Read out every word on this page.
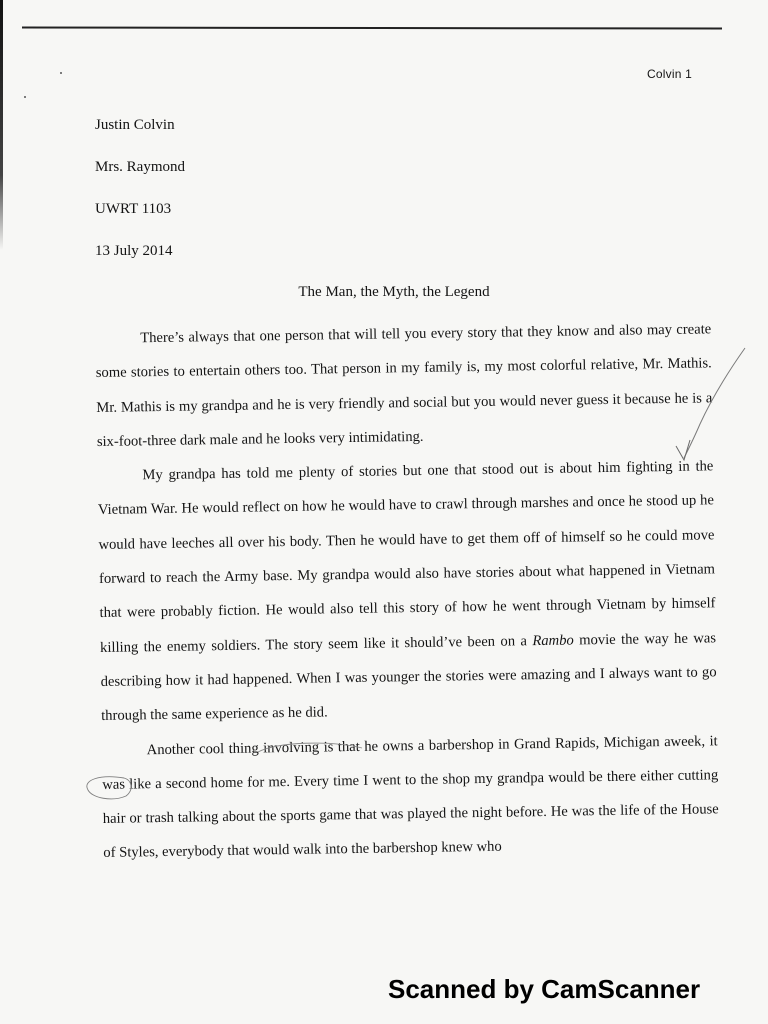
Colvin 1
Justin Colvin
Mrs. Raymond
UWRT 1103
13 July 2014
The Man, the Myth, the Legend

There’s always that one person that will tell you every story that they know and also may create some stories to entertain others too. That person in my family is, my most colorful relative, Mr. Mathis. Mr. Mathis is my grandpa and he is very friendly and social but you would never guess it because he is a six-foot-three dark male and he looks very intimidating.

My grandpa has told me plenty of stories but one that stood out is about him fighting in the Vietnam War. He would reflect on how he would have to crawl through marshes and once he stood up he would have leeches all over his body. Then he would have to get them off of himself so he could move forward to reach the Army base. My grandpa would also have stories about what happened in Vietnam that were probably fiction. He would also tell this story of how he went through Vietnam by himself killing the enemy soldiers. The story seem like it should’ve been on a Rambo movie the way he was describing how it had happened. When I was younger the stories were amazing and I always want to go through the same experience as he did.

Another cool thing involving is that he owns a barbershop in Grand Rapids, Michigan aweek, it was like a second home for me. Every time I went to the shop my grandpa would be there either cutting hair or trash talking about the sports game that was played the night before. He was the life of the House of Styles, everybody that would walk into the barbershop knew who

Scanned by CamScanner
